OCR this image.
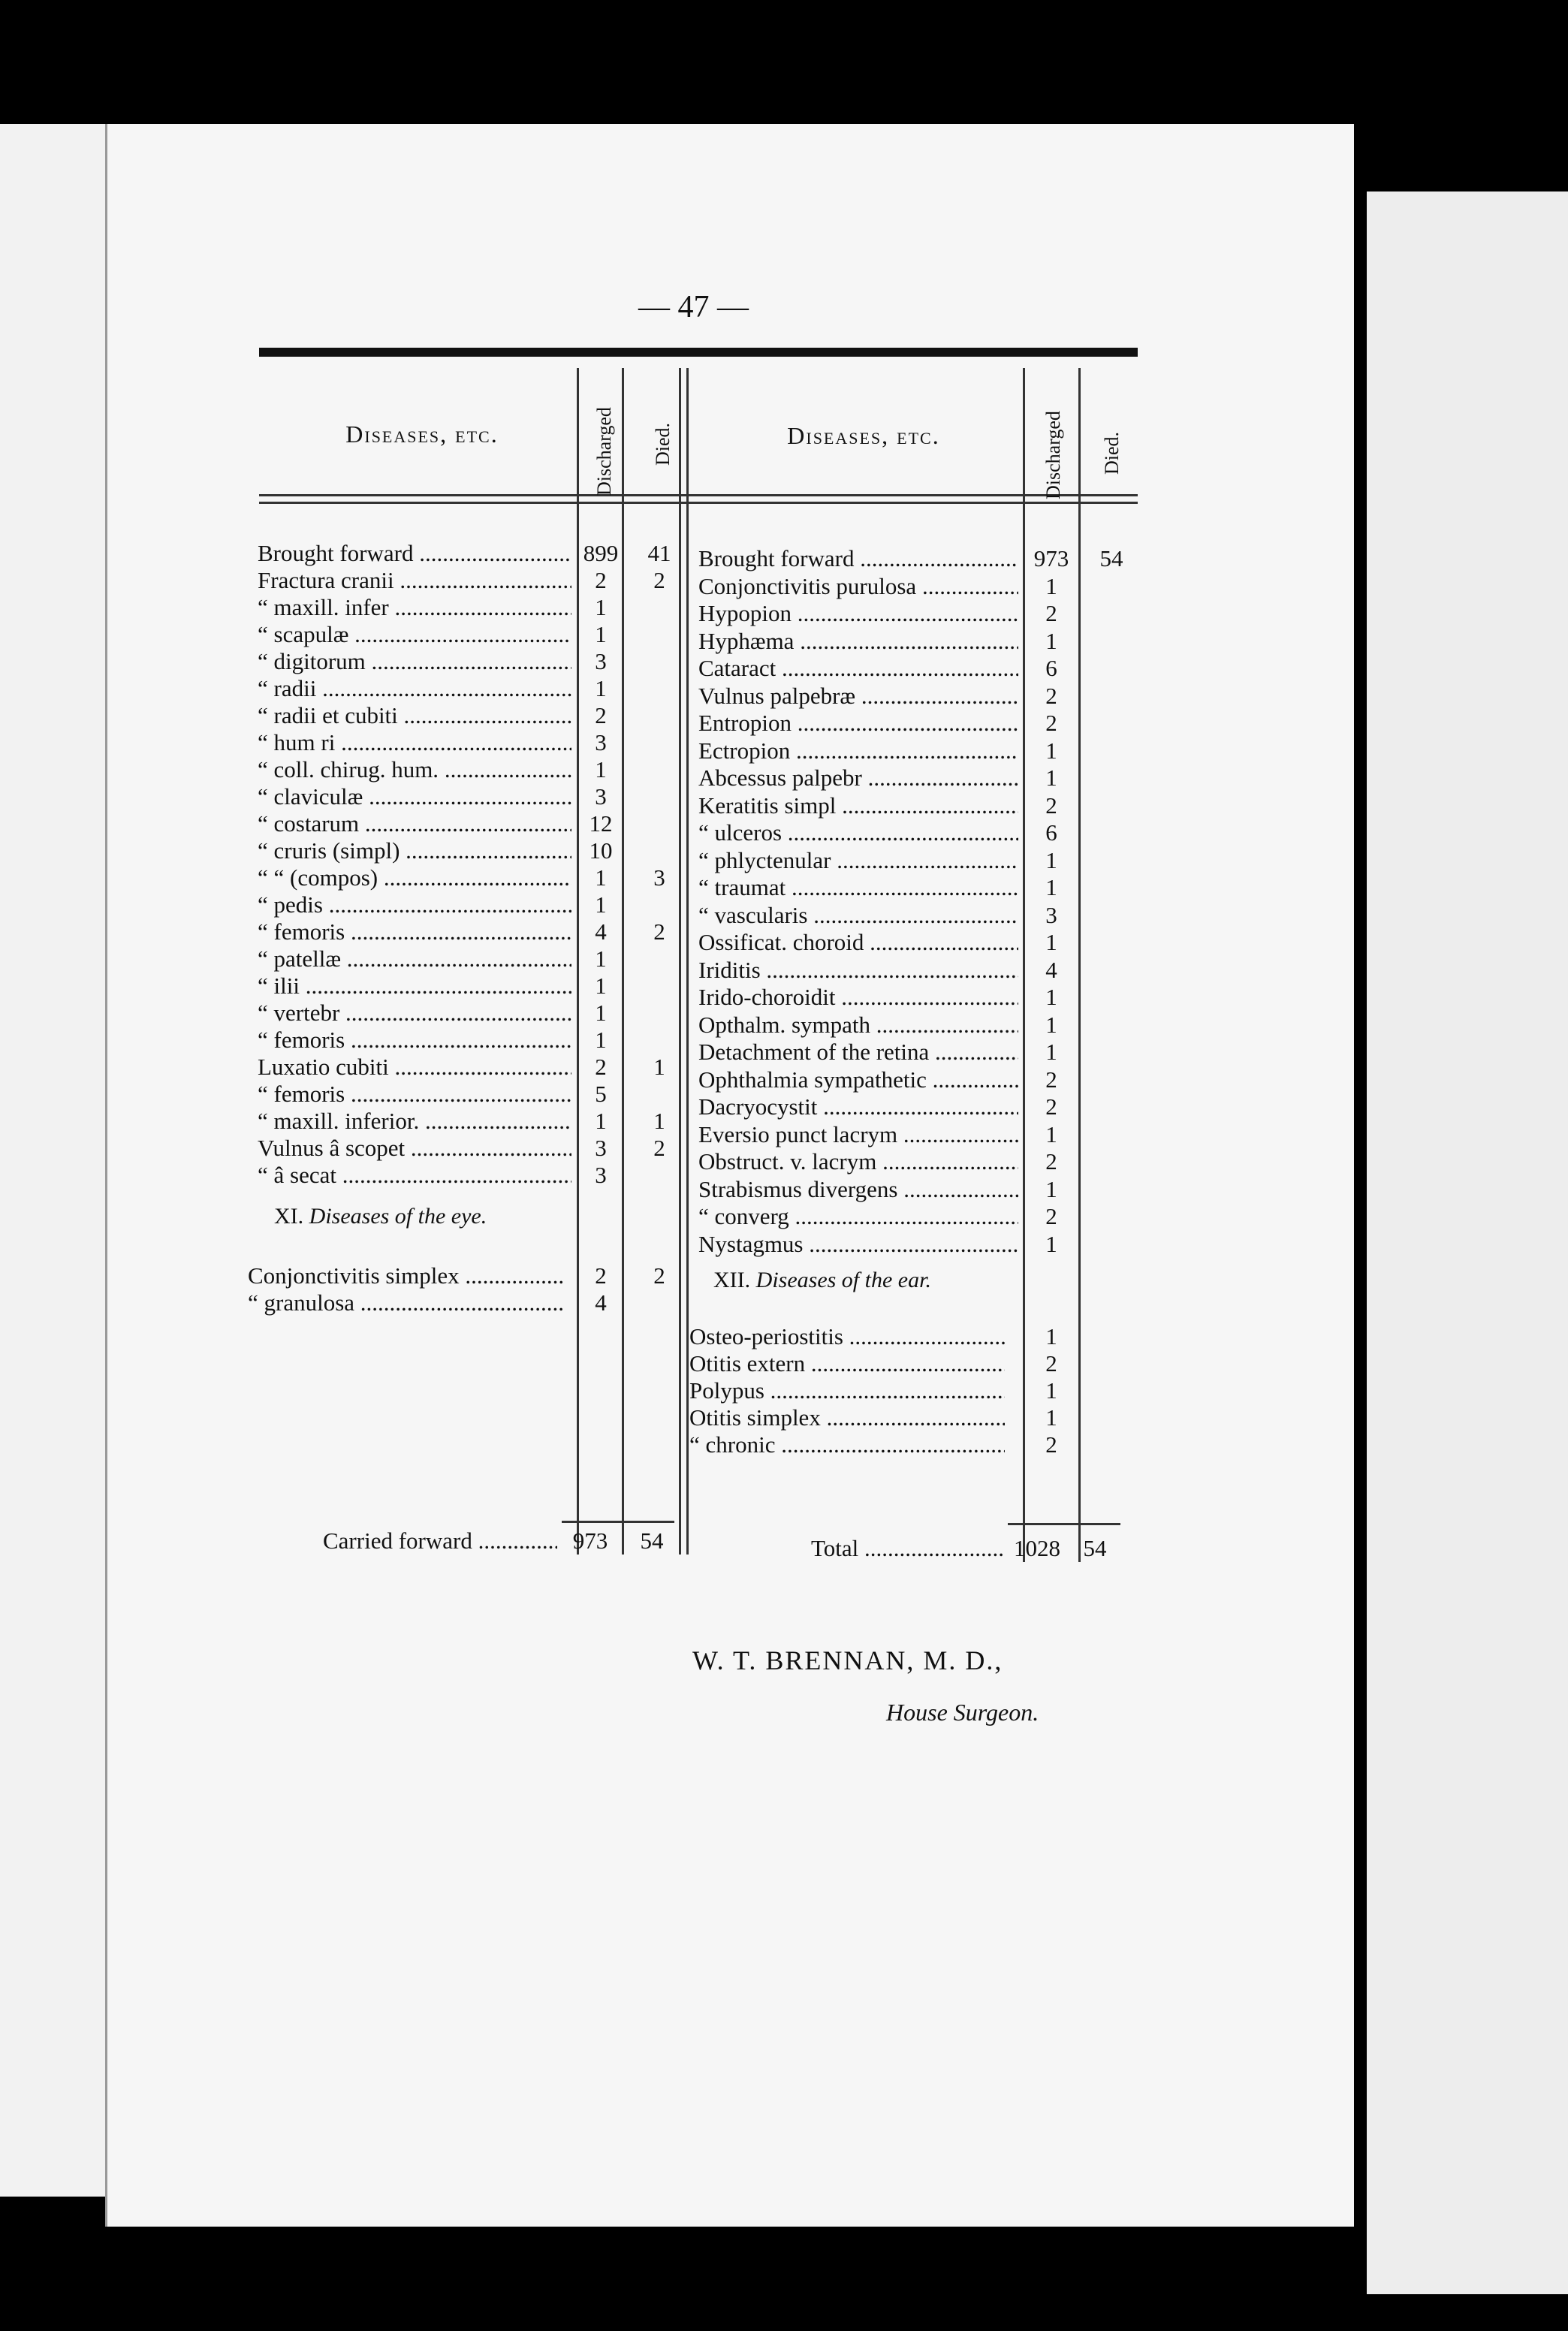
— 47 —
Diseases, etc.	Diseases, etc.
Discharged Died.	Discharged Died.
Brought forward .....	899	41
Fractura cranii .....	2	2
“ maxill. infer .....	1
“ scapulæ .....	1
“ digitorum .....	3
“ radii .....	1
“ radii et cubiti .....	2
“ hum ri .....	3
“ coll. chirug. hum. .....	1
“ claviculæ .....	3
“ costarum .....	12
“ cruris (simpl) .....	10
“ “ (compos) .....	1	3
“ pedis .....	1
“ femoris .....	4	2
“ patellæ .....	1
“ ilii .....	1
“ vertebr .....	1
“ femoris .....	1
Luxatio cubiti .....	2	1
“ femoris .....	5
“ maxill. inferior. .....	1	1
Vulnus â scopet .....	3	2
“ â secat .....	3
XI. Diseases of the eye.
Conjonctivitis simplex .....	2	2
“ granulosa .....	4
Carried forward .....	973	54
Brought forward .....	973	54
Conjonctivitis purulosa .....	1
Hypopion .....	2
Hyphæma .....	1
Cataract .....	6
Vulnus palpebræ .....	2
Entropion .....	2
Ectropion .....	1
Abcessus palpebr .....	1
Keratitis simpl .....	2
“ ulceros .....	6
“ phlyctenular .....	1
“ traumat .....	1
“ vascularis .....	3
Ossificat. choroid .....	1
Iriditis .....	4
Irido-choroidit .....	1
Opthalm. sympath .....	1
Detachment of the retina .....	1
Ophthalmia sympathetic .....	2
Dacryocystit .....	2
Eversio punct lacrym .....	1
Obstruct. v. lacrym .....	2
Strabismus divergens .....	1
“ converg .....	2
Nystagmus .....	1
XII. Diseases of the ear.
Osteo-periostitis .....	1
Otitis extern .....	2
Polypus .....	1
Otitis simplex .....	1
“ chronic .....	2
Total .....	1028 54
W. T. BRENNAN, M. D.,
House Surgeon.
